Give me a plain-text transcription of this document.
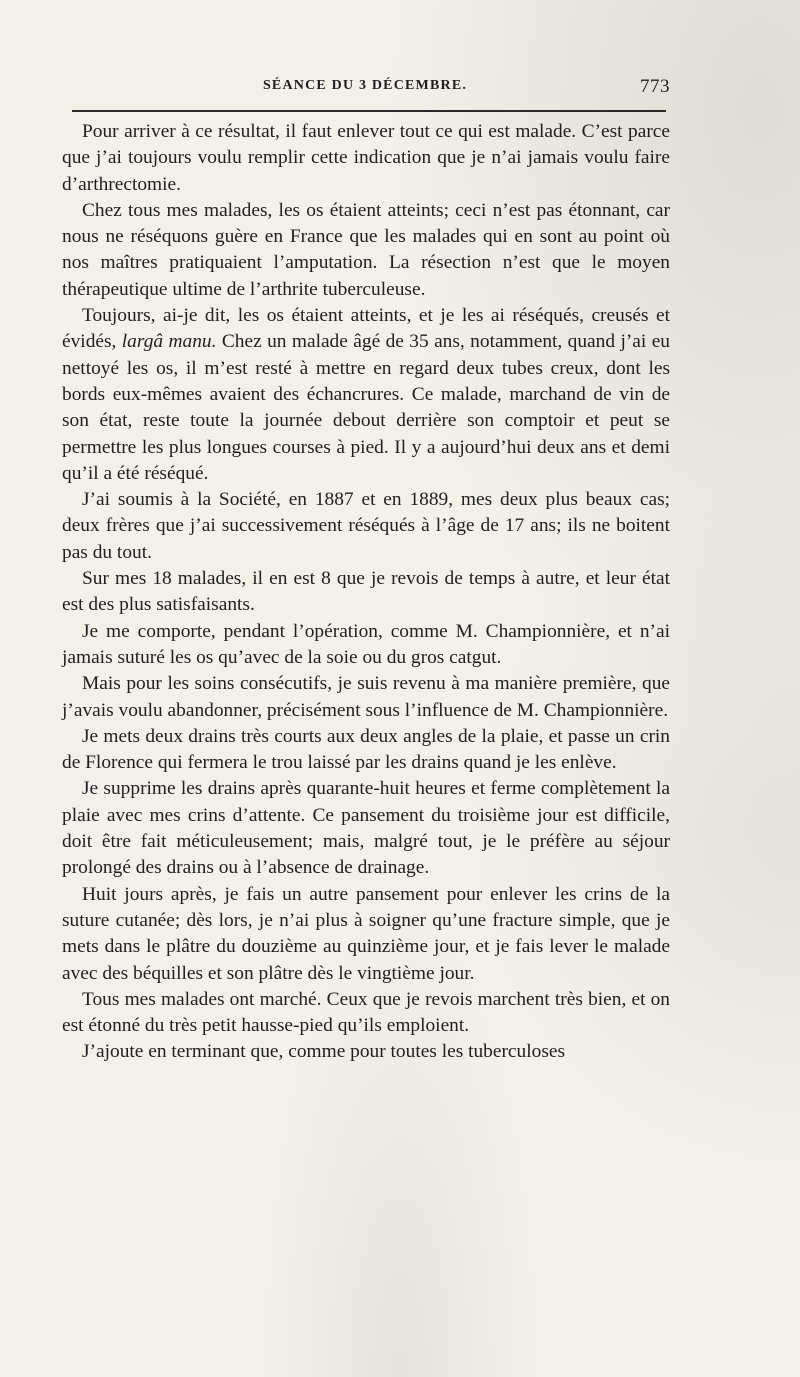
SÉANCE DU 3 DÉCEMBRE.	773

Pour arriver à ce résultat, il faut enlever tout ce qui est malade. C’est parce que j’ai toujours voulu remplir cette indication que je n’ai jamais voulu faire d’arthrectomie.

Chez tous mes malades, les os étaient atteints; ceci n’est pas étonnant, car nous ne réséquons guère en France que les malades qui en sont au point où nos maîtres pratiquaient l’amputation. La résection n’est que le moyen thérapeutique ultime de l’arthrite tuberculeuse.

Toujours, ai-je dit, les os étaient atteints, et je les ai réséqués, creusés et évidés, largâ manu. Chez un malade âgé de 35 ans, notamment, quand j’ai eu nettoyé les os, il m’est resté à mettre en regard deux tubes creux, dont les bords eux-mêmes avaient des échancrures. Ce malade, marchand de vin de son état, reste toute la journée debout derrière son comptoir et peut se permettre les plus longues courses à pied. Il y a aujourd’hui deux ans et demi qu’il a été réséqué.

J’ai soumis à la Société, en 1887 et en 1889, mes deux plus beaux cas; deux frères que j’ai successivement réséqués à l’âge de 17 ans; ils ne boitent pas du tout.

Sur mes 18 malades, il en est 8 que je revois de temps à autre, et leur état est des plus satisfaisants.

Je me comporte, pendant l’opération, comme M. Championnière, et n’ai jamais suturé les os qu’avec de la soie ou du gros catgut.

Mais pour les soins consécutifs, je suis revenu à ma manière première, que j’avais voulu abandonner, précisément sous l’influence de M. Championnière.

Je mets deux drains très courts aux deux angles de la plaie, et passe un crin de Florence qui fermera le trou laissé par les drains quand je les enlève.

Je supprime les drains après quarante-huit heures et ferme complètement la plaie avec mes crins d’attente. Ce pansement du troisième jour est difficile, doit être fait méticuleusement; mais, malgré tout, je le préfère au séjour prolongé des drains ou à l’absence de drainage.

Huit jours après, je fais un autre pansement pour enlever les crins de la suture cutanée; dès lors, je n’ai plus à soigner qu’une fracture simple, que je mets dans le plâtre du douzième au quinzième jour, et je fais lever le malade avec des béquilles et son plâtre dès le vingtième jour.

Tous mes malades ont marché. Ceux que je revois marchent très bien, et on est étonné du très petit hausse-pied qu’ils emploient.

J’ajoute en terminant que, comme pour toutes les tuberculoses
